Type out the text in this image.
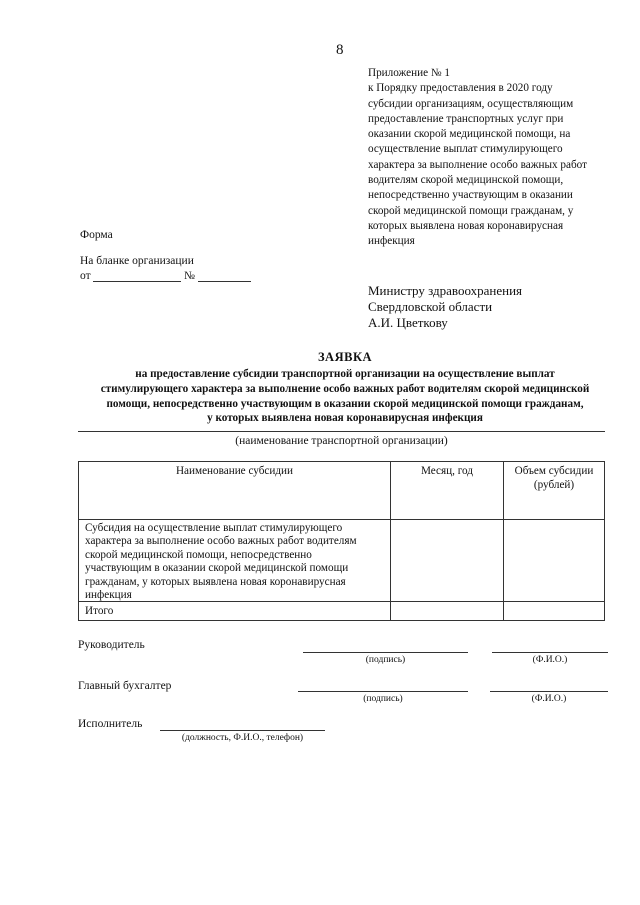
8
Приложение № 1
к Порядку предоставления в 2020 году
субсидии организациям, осуществляющим
предоставление транспортных услуг при
оказании скорой медицинской помощи, на
осуществление выплат стимулирующего
характера за выполнение особо важных работ
водителям скорой медицинской помощи,
непосредственно участвующим в оказании
скорой медицинской помощи гражданам, у
которых выявлена новая коронавирусная
инфекция
Форма
На бланке организации
от	№
Министру здравоохранения
Свердловской области
А.И. Цветкову
ЗАЯВКА
на предоставление субсидии транспортной организации на осуществление выплат
стимулирующего характера за выполнение особо важных работ водителям скорой медицинской
помощи, непосредственно участвующим в оказании скорой медицинской помощи гражданам,
у которых выявлена новая коронавирусная инфекция
(наименование транспортной организации)
Наименование субсидии	Месяц, год	Объем субсидии
(рублей)
Субсидия на осуществление выплат стимулирующего
характера за выполнение особо важных работ водителям
скорой медицинской помощи, непосредственно
участвующим в оказании скорой медицинской помощи
гражданам, у которых выявлена новая коронавирусная
инфекция
Итого
Руководитель
(подпись)	(Ф.И.О.)
Главный бухгалтер
(подпись)	(Ф.И.О.)
Исполнитель
(должность, Ф.И.О., телефон)
